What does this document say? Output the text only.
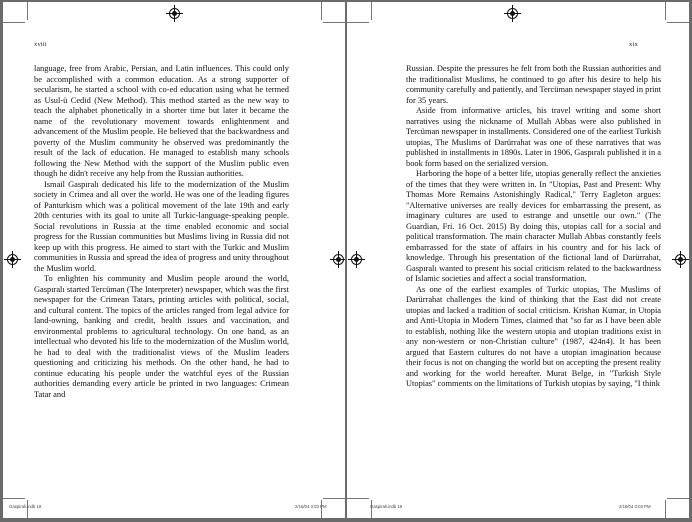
xviii

language, free from Arabic, Persian, and Latin influences. This could only be accomplished with a common education. As a strong supporter of secularism, he started a school with co-ed education using what he termed as Usul-ü Cedid (New Method). This method started as the new way to teach the alphabet phonetically in a shorter time but later it became the name of the revolutionary movement towards enlightenment and advancement of the Muslim people. He believed that the backwardness and poverty of the Muslim community he observed was predominantly the result of the lack of education. He managed to establish many schools following the New Method with the support of the Muslim public even though he didn't receive any help from the Russian authorities.

Ismail Gaspıralı dedicated his life to the modernization of the Muslim society in Crimea and all over the world. He was one of the leading figures of Panturkism which was a political movement of the late 19th and early 20th centuries with its goal to unite all Turkic-language-speaking people. Social revolutions in Russia at the time enabled economic and social progress for the Russian communities but Muslims living in Russia did not keep up with this progress. He aimed to start with the Turkic and Muslim communities in Russia and spread the idea of progress and unity throughout the Muslim world.

To enlighten his community and Muslim people around the world, Gaspıralı started Tercüman (The Interpreter) newspaper, which was the first newspaper for the Crimean Tatars, printing articles with political, social, and cultural content. The topics of the articles ranged from legal advice for land-owning, banking and credit, health issues and vaccination, and environmental problems to agricultural technology. On one hand, as an intellectual who devoted his life to the modernization of the Muslim world, he had to deal with the traditionalist views of the Muslim leaders questioning and criticizing his methods. On the other hand, he had to continue educating his people under the watchful eyes of the Russian authorities demanding every article be printed in two languages: Crimean Tatar and

Gaspirali.indb 18	2/16/04 3:03 PM
xix

Russian. Despite the pressures he felt from both the Russian authorities and the traditionalist Muslims, he continued to go after his desire to help his community carefully and patiently, and Tercüman newspaper stayed in print for 35 years.

Aside from informative articles, his travel writing and some short narratives using the nickname of Mullah Abbas were also published in Tercüman newspaper in installments. Considered one of the earliest Turkish utopias, The Muslims of Darürrahat was one of these narratives that was published in installments in 1890s. Later in 1906, Gaspıralı published it in a book form based on the serialized version.

Harboring the hope of a better life, utopias generally reflect the anxieties of the times that they were written in. In "Utopias, Past and Present: Why Thomas More Remains Astonishingly Radical," Terry Eagleton argues: "Alternative universes are really devices for embarrassing the present, as imaginary cultures are used to estrange and unsettle our own." (The Guardian, Fri. 16 Oct. 2015) By doing this, utopias call for a social and political transformation. The main character Mullah Abbas constantly feels embarrassed for the state of affairs in his country and for his lack of knowledge. Through his presentation of the fictional land of Darürrahat, Gaspıralı wanted to present his social criticism related to the backwardness of Islamic societies and affect a social transformation.

As one of the earliest examples of Turkic utopias, The Muslims of Darürrahat challenges the kind of thinking that the East did not create utopias and lacked a tradition of social criticism. Krishan Kumar, in Utopia and Anti-Utopia in Modern Times, claimed that "so far as I have been able to establish, nothing like the western utopia and utopian traditions exist in any non-western or non-Christian culture" (1987, 424n4). It has been argued that Eastern cultures do not have a utopian imagination because their focus is not on changing the world but on accepting the present reality and working for the world hereafter. Murat Belge, in "Turkish Style Utopias" comments on the limitations of Turkish utopias by saying, "I think

Gaspirali.indb 19	2/16/04 3:03 PM
